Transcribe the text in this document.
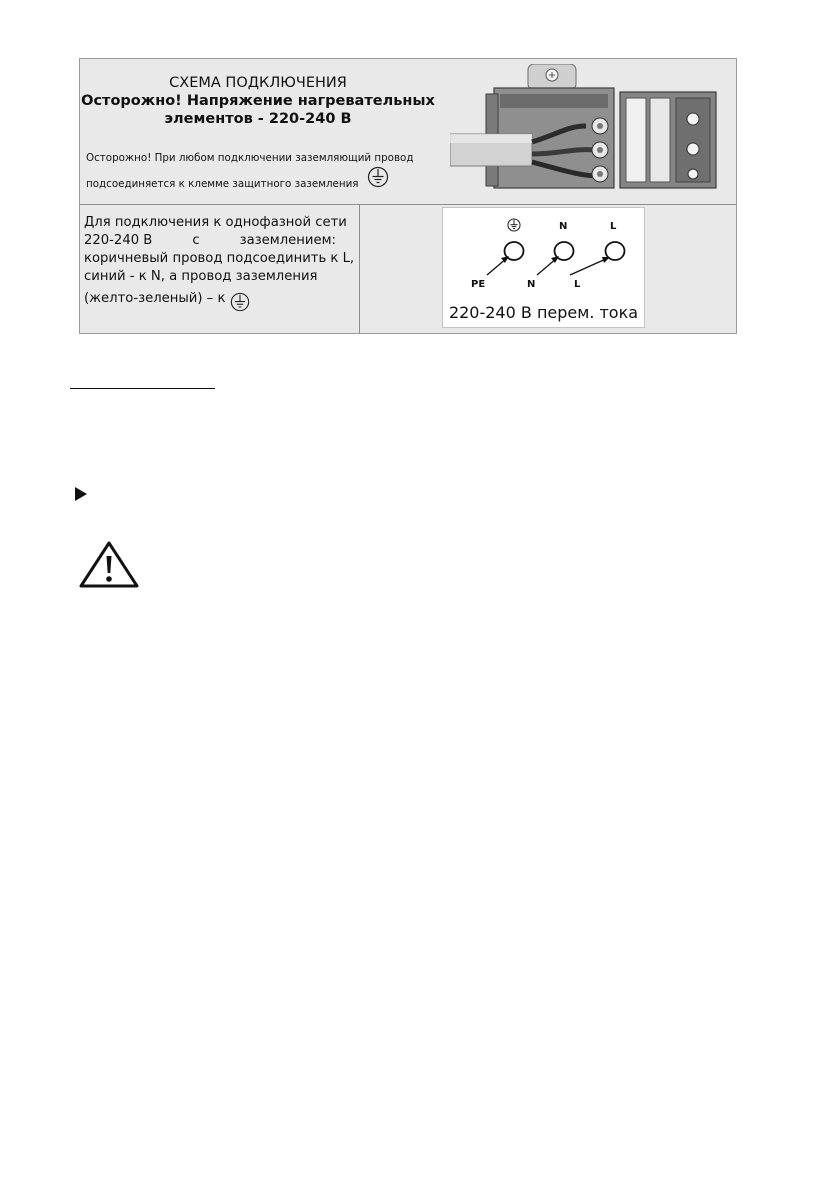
СХЕМА ПОДКЛЮЧЕНИЯ
Осторожно! Напряжение нагревательных
элементов - 220-240 В
Осторожно! При любом подключении заземляющий провод
подсоединяется к клемме защитного заземления
Для подключения к однофазной сети
220-240 В	с	заземлением:
коричневый провод подсоединить к L,
синий - к N, а провод заземления
(желто-зеленый) – к
N	L
PE	N	L
220-240 В перем. тока
